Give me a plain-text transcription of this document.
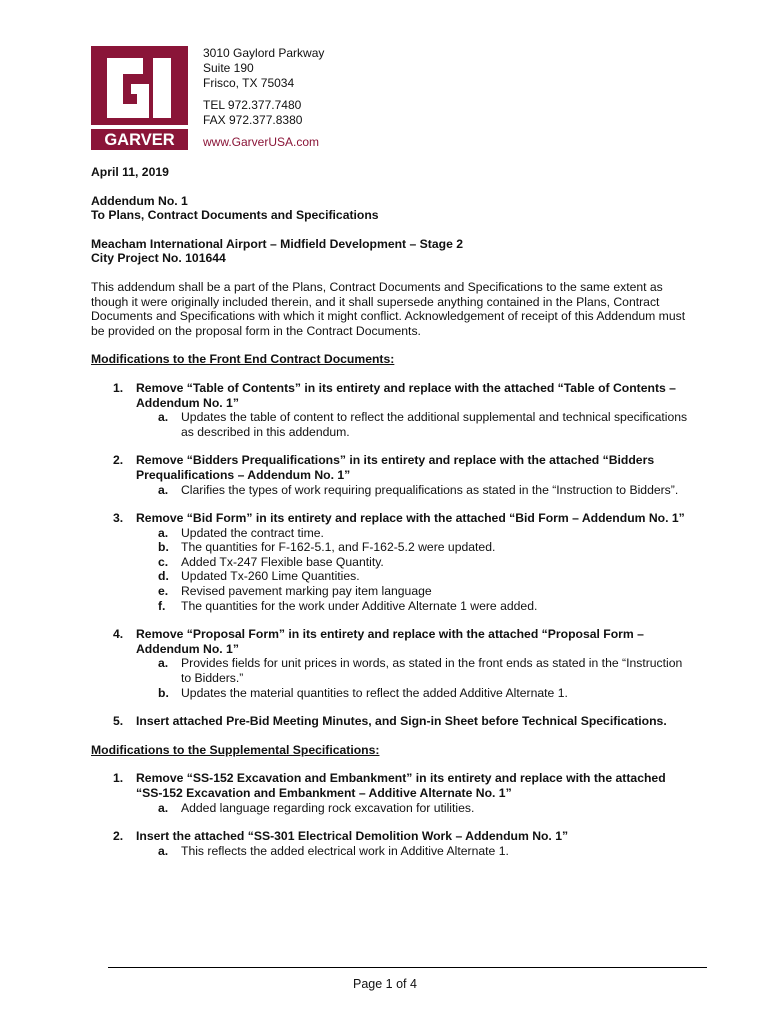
GARVER
3010 Gaylord Parkway
Suite 190
Frisco, TX 75034
TEL 972.377.7480
FAX 972.377.8380
www.GarverUSA.com

April 11, 2019

Addendum No. 1
To Plans, Contract Documents and Specifications
Meacham International Airport – Midfield Development – Stage 2
City Project No. 101644

This addendum shall be a part of the Plans, Contract Documents and Specifications to the same extent as though it were originally included therein, and it shall supersede anything contained in the Plans, Contract Documents and Specifications with which it might conflict. Acknowledgement of receipt of this Addendum must be provided on the proposal form in the Contract Documents.

Modifications to the Front End Contract Documents:

1. Remove “Table of Contents” in its entirety and replace with the attached “Table of Contents – Addendum No. 1”
a. Updates the table of content to reflect the additional supplemental and technical specifications as described in this addendum.
2. Remove “Bidders Prequalifications” in its entirety and replace with the attached “Bidders Prequalifications – Addendum No. 1”
a. Clarifies the types of work requiring prequalifications as stated in the “Instruction to Bidders”.
3. Remove “Bid Form” in its entirety and replace with the attached “Bid Form – Addendum No. 1”
a. Updated the contract time.
b. The quantities for F-162-5.1, and F-162-5.2 were updated.
c. Added Tx-247 Flexible base Quantity.
d. Updated Tx-260 Lime Quantities.
e. Revised pavement marking pay item language
f. The quantities for the work under Additive Alternate 1 were added.
4. Remove “Proposal Form” in its entirety and replace with the attached “Proposal Form – Addendum No. 1”
a. Provides fields for unit prices in words, as stated in the front ends as stated in the “Instruction to Bidders.”
b. Updates the material quantities to reflect the added Additive Alternate 1.
5. Insert attached Pre-Bid Meeting Minutes, and Sign-in Sheet before Technical Specifications.

Modifications to the Supplemental Specifications:

1. Remove “SS-152 Excavation and Embankment” in its entirety and replace with the attached “SS-152 Excavation and Embankment – Additive Alternate No. 1”
a. Added language regarding rock excavation for utilities.
2. Insert the attached “SS-301 Electrical Demolition Work – Addendum No. 1”
a. This reflects the added electrical work in Additive Alternate 1.
Page 1 of 4
